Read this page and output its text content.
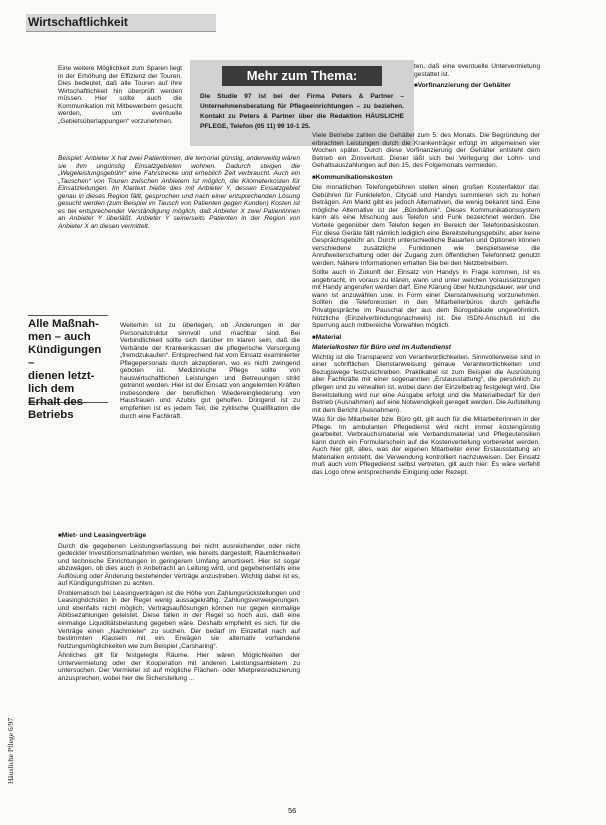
Wirtschaftlichkeit
Mehr zum Thema:
Die Studie 97 ist bei der Firma Peters & Partner – Unternehmensberatung für Pflegeeinrichtungen – zu beziehen. Kontakt zu Peters & Partner über die Redaktion HÄUSLICHE PFLEGE, Telefon (05 11) 99 10-1 25.

Eine weitere Möglichkeit zum Sparen liegt in der Erhöhung der Effizienz der Touren. Dies bedeutet, daß alle Touren auf ihre Wirtschaftlichkeit hin überprüft werden müssen. Hier sollte auch die Kommunikation mit Mitbewerbern gesucht werden, um eventuelle „Gebietsüberlappungen“ vorzunehmen.

Beispiel: Anbieter X hat zwei Patientinnen, die ternorial günstig, anderweitig wären sie ihm ungünstig Einsatzgebieten wohnen. Dadurch steigen die „Wegeleistungsgebühr“ eine Fahrstrecke und erheblich Zeit verbraucht. Auch ein „Tauschen“ von Touren zwischen Anbietern ist möglich, die Kilometerkosten für Einsatzleitungen. Im Klartext hieße dies mit Anbieter Y, dessen Einsatzgebiet genau in dieses Region fällt, gesprochen und nach einer entsprechenden Lösung gesucht werden (zum Beispiel im Tausch von Patienten gegen Kunden) Kosten ist es bei entsprechender Verständigung möglich, daß Anbieter X zwei Patientinnen an Anbieter Y überläßt. Anbieter Y seinerseits Patienten in der Region von Anbieter X an diesen vermittelt.

Alle Maßnah-
men – auch
Kündigungen –
dienen letzt-
lich dem
Erhalt des
Betriebs

Weiterhin ist zu überlegen, ob Änderungen in der Personalstruktur sinnvoll und machbar sind. Bei Verbindlichkeit sollte sich darüber im klaren sein, daß die Verbände der Krankenkassen die pflegerische Versorgung „fremdzukaufen“. Entsprechend hat vom Einsatz examinierter Pflegepersonals durch akzeptieren, wo es nicht zwingend geboten ist. Medizinische Pflege sollte von hauswirtschaftlichen Leistungen und Betreuungen strikt getrennt werden. Hier ist der Einsatz von angelernten Kräften insbesondere der beruflichen Wiedereingliederung von Hausfrauen und Azubis gut geholfen. Dringend ist zu empfehlen ist es jedem Teil, die zyklische Qualifikation die durch eine Fachkraft.

■ Miet- und Leasingverträge

Durch die gegebenen Leistungserfassung bei nicht ausreichender oder nicht gedeckter Investitionsmaßnahmen werden, wie bereits dargestellt, Räumlichkeiten und technische Einrichtungen in geringerem Umfang amortisiert. Hier ist sogar abzuwägen, ob dies auch in Anbetracht an Leitung wird, und gegebenenfalls eine Auflösung oder Änderung bestehender Verträge anzustreben. Wichtig dabei ist es, auf Kündigungsfristen zu achten.

Problematisch bei Leasingverträgen ist die Höhe von Zahlungsrückstellungen und Leasinghöchsten in der Regel wenig aussagekräftig. Zahlungsverweigerungen, und ebenfalls nicht möglich, Vertragsauflösungen können nur gegen einmalige Ablösezahlungen geleistet. Diese fallen in der Regel so hoch aus, daß eine einmalige Liquiditätsbelastung gegeben wäre. Deshalb empfiehlt es sich, für die Verträge einen „Nachmieter“ zu suchen. Der bedarf im Einzelfall nach auf bestimmten Klauseln mit ein. Erwägen sie alternativ vorhandene Nutzungsmöglichkeiten wie zum Beispiel „Carsharing“.

Ähnliches gilt für festgelegte Räume. Hier wären Möglichkeiten der Untervermietung oder der Kooperation mit anderen Leistungsanbietern zu untersuchen. Der Vermieter ist auf mögliche Flächen- oder Mietpreisreduzierung anzusprechen, wobei hier die Sicherstellung ...

ten, daß eine eventuelle Untervermietung gestattet ist.

■ Vorfinanzierung der Gehälter

Viele Betriebe zahlen die Gehälter zum 5. des Monats. Die Begründung der erbrachten Leistungen durch die Krankenträger erfolgt im allgemeinen vier Wochen später. Durch diese Vorfinanzierung der Gehälter entsteht dem Betrieb ein Zinsverlust. Dieser läßt sich bei Verlegung der Lohn- und Gehaltsauszahlungen auf den 15. des Folgemonats vermeiden.

■ Kommunikationskosten

Die monatlichen Telefongebühren stellen einen großen Kostenfaktor dar. Gebühren für Funktelefon, Citycall und Handys summieren sich zu hohen Beträgen. Am Markt gibt es jedoch Alternativen, die wenig bekannt sind. Eine mögliche Alternative ist der „Bündelfunk“. Dieses Kommunikationssystem kann als eine Mischung aus Telefon und Funk bezeichnet werden. Die Vorteile gegenüber dem Telefon liegen im Bereich der Telefonbasiskosten. Für diese Geräte fällt nämlich lediglich eine Bereitstellungsgebühr, aber keine Gesprächsgebühr an. Durch unterschiedliche Bauarten und Optionen können verschiedene zusätzliche Funktionen wie beispielsweise die Anrufweiterschaltung oder der Zugang zum öffentlichen Telefonnetz genutzt werden. Nähere Informationen erhalten Sie bei den Netzbetreibern.

Sollte auch in Zukunft der Einsatz von Handys in Frage kommen, ist es angebracht, im voraus zu klären, wann und unter welchen Voraussetzungen mit Handy angerufen werden darf. Eine Klärung über Nutzungsdauer, wer und wann ist anzuwählen usw. in Form einer Dienstanweisung vorzunehmen. Sollten die Telefonkosten in den Mitarbeiterbüros durch gehäufte Privatgespräche im Pauschal der aus dem Bürogebäude ungewöhnlich. Nützliche (Einzelverbindungsnachweis) ist. Die ISDN-Anschluß ist die Sperrung auch mitbereiche Vorwahlen möglich.

■ Material

Materialkosten für Büro und im Außendienst

Wichtig ist die Transparenz von Verantwortlichkeiten. Sinnvollerweise sind in einer schriftlichen Dienstanweisung genaue Verantwortlichkeiten und Bezugswege festzuschreiben. Praktikabel ist zum Beispiel die Ausrüstung aller Fachkräfte mit einer sogenannten „Erstausstattung“, die persönlich zu pflegen und zu verwalten ist, wobei dann der Einzelbetrag festgelegt wird. Die Bereitstellung wird nur eine Ausgabe erfolgt und die Materialbedarf für den Betrieb (Ausnahmen) auf eine Notwendigkeit geregelt werden. Die Aufstellung mit dem Bericht (Ausnahmen).

Was für die Mitarbeiter bzw. Büro gilt, gilt auch für die Mitarbeiterinnen in der Pflege. Im ambulanten Pflegedienst wird nicht immer kostengünstig gearbeitet. Verbrauchsmaterial wie Verbandsmaterial und Pflegeutensilien kann durch ein Formularschein auf die Kostenverteilung vorbereitet werden. Auch hier gilt, alles, was der eigenen Mitarbeiter einer Erstausstattung an Materialien entsteht, die Verwendung kontrolliert nachzuweisen. Der Einsatz muß auch vom Pflegedienst selbst vertreten, gilt auch hier: Es wäre verfehlt das Logo ohne entsprechende Einigung oder Rezept.

Häusliche Pflege 6/97
56
